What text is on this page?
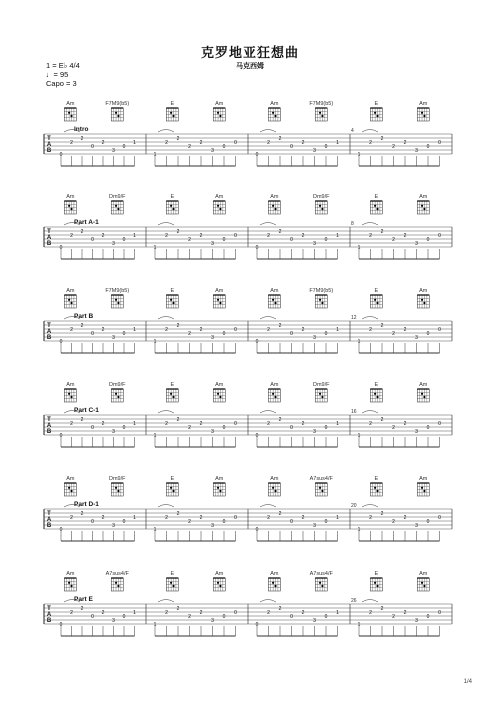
克罗地亚狂想曲
马克西姆
1 = E♭ 4/4
♩= 95
Capo = 3
Am	F7M9(b5)	E	Am	Am	F7M9(b5)	E	Am
Intro
T
A
B
4
0
2
2
0
2
3
0
1
1
2
2
2
2
3
0
0
0
2
2
0
2
3
0
1
1
2
2
2
2
3
0
0
Am	Dm9/F	E	Am	Am	Dm9/F	E	Am
Part A-1
T
A
B
8
0
2
2
0
2
3
0
1
1
2
2
2
2
3
0
0
0
2
2
0
2
3
0
1
1
2
2
2
2
3
0
0
Am	F7M9(b5)	E	Am	Am	F7M9(b5)	E	Am
Part B
T
A
B
12
0
2
2
0
2
3
0
1
1
2
2
2
2
3
0
0
0
2
2
0
2
3
0
1
1
2
2
2
2
3
0
0
Am	Dm9/F	E	Am	Am	Dm9/F	E	Am
Part C-1
T
A
B
16
0
2
2
0
2
3
0
1
1
2
2
2
2
3
0
0
0
2
2
0
2
3
0
1
1
2
2
2
2
3
0
0
Am	Dm9/F	E	Am	Am	A7sus4/F	E	Am
Part D-1
T
A
B
20
0
2
2
0
2
3
0
1
1
2
2
2
2
3
0
0
0
2
2
0
2
3
0
1
1
2
2
2
2
3
0
0
Am	A7sus4/F	E	Am	Am	A7sus4/F	E	Am
Part E
T
A
B
26
0
2
2
0
2
3
0
1
1
2
2
2
2
3
0
0
0
2
2
0
2
3
0
1
1
2
2
2
2
3
0
0
1/4
